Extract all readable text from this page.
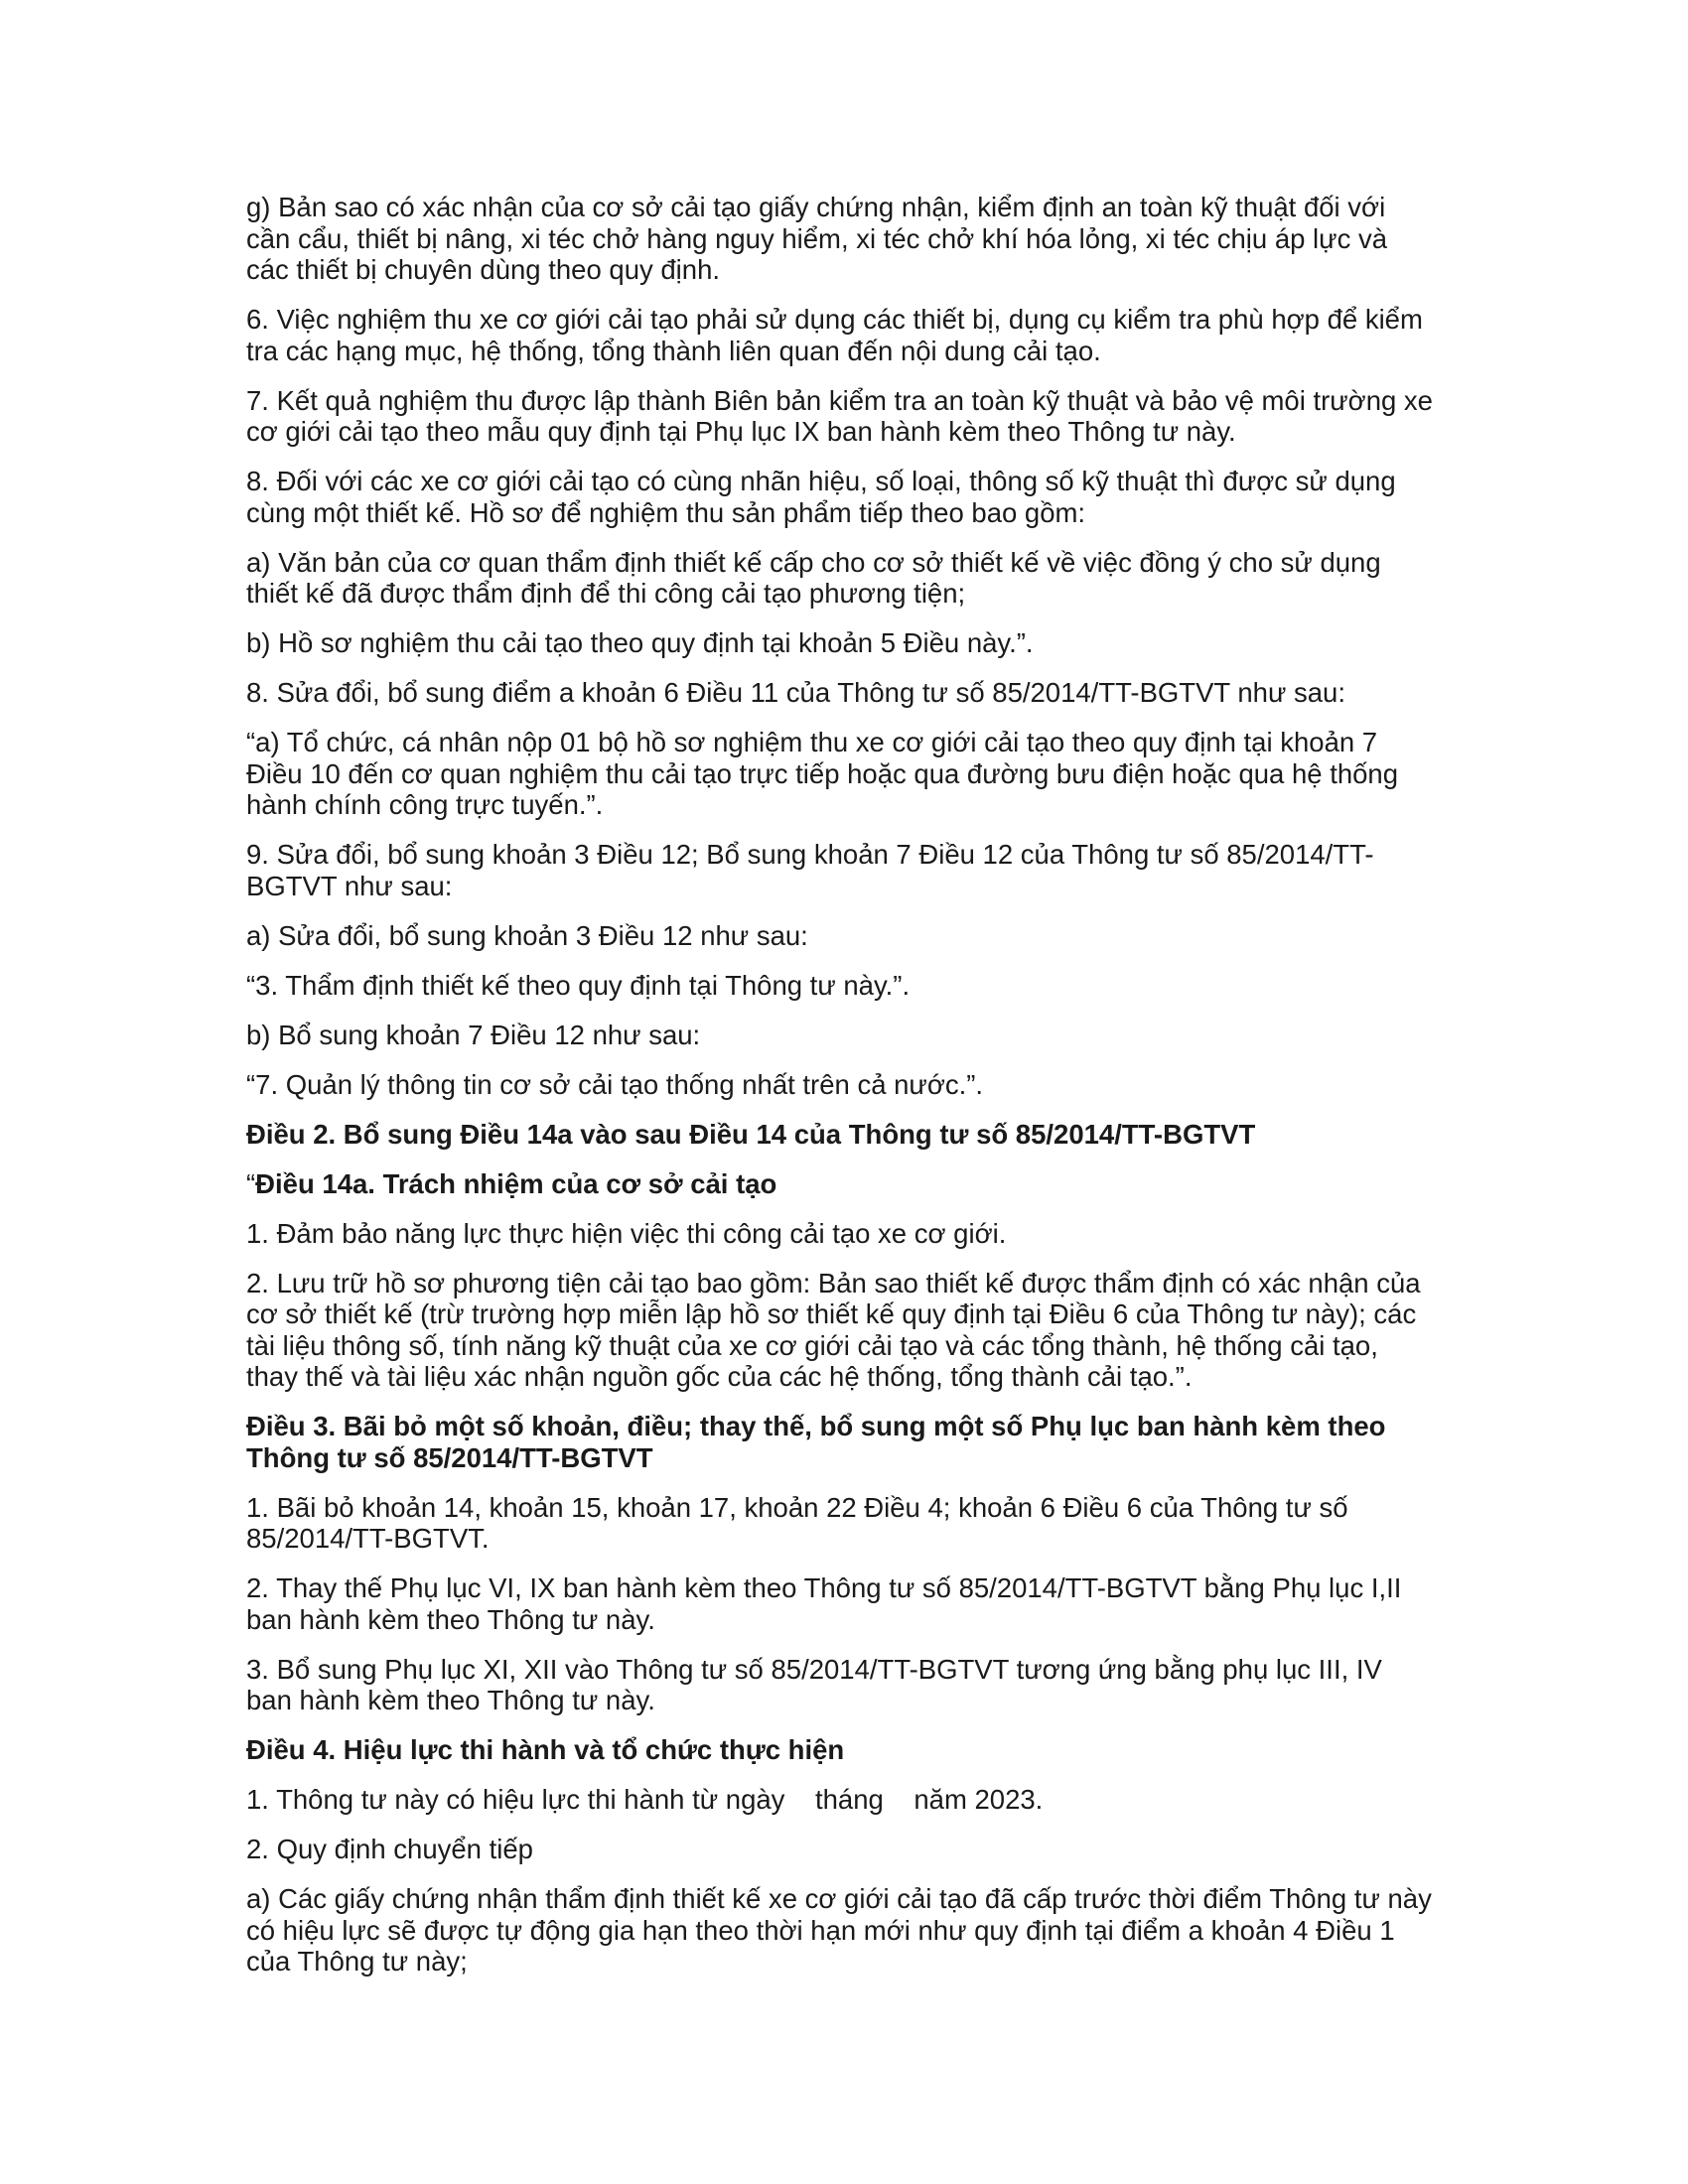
g) Bản sao có xác nhận của cơ sở cải tạo giấy chứng nhận, kiểm định an toàn kỹ thuật đối với cần cẩu, thiết bị nâng, xi téc chở hàng nguy hiểm, xi téc chở khí hóa lỏng, xi téc chịu áp lực và các thiết bị chuyên dùng theo quy định.

6. Việc nghiệm thu xe cơ giới cải tạo phải sử dụng các thiết bị, dụng cụ kiểm tra phù hợp để kiểm tra các hạng mục, hệ thống, tổng thành liên quan đến nội dung cải tạo.

7. Kết quả nghiệm thu được lập thành Biên bản kiểm tra an toàn kỹ thuật và bảo vệ môi trường xe cơ giới cải tạo theo mẫu quy định tại Phụ lục IX ban hành kèm theo Thông tư này.

8. Đối với các xe cơ giới cải tạo có cùng nhãn hiệu, số loại, thông số kỹ thuật thì được sử dụng cùng một thiết kế. Hồ sơ để nghiệm thu sản phẩm tiếp theo bao gồm:

a) Văn bản của cơ quan thẩm định thiết kế cấp cho cơ sở thiết kế về việc đồng ý cho sử dụng thiết kế đã được thẩm định để thi công cải tạo phương tiện;

b) Hồ sơ nghiệm thu cải tạo theo quy định tại khoản 5 Điều này.”.

8. Sửa đổi, bổ sung điểm a khoản 6 Điều 11 của Thông tư số 85/2014/TT-BGTVT như sau:

“a) Tổ chức, cá nhân nộp 01 bộ hồ sơ nghiệm thu xe cơ giới cải tạo theo quy định tại khoản 7 Điều 10 đến cơ quan nghiệm thu cải tạo trực tiếp hoặc qua đường bưu điện hoặc qua hệ thống hành chính công trực tuyến.”.

9. Sửa đổi, bổ sung khoản 3 Điều 12; Bổ sung khoản 7 Điều 12 của Thông tư số 85/2014/TT-BGTVT như sau:

a) Sửa đổi, bổ sung khoản 3 Điều 12 như sau:

“3. Thẩm định thiết kế theo quy định tại Thông tư này.”.

b) Bổ sung khoản 7 Điều 12 như sau:

“7. Quản lý thông tin cơ sở cải tạo thống nhất trên cả nước.”.

Điều 2. Bổ sung Điều 14a vào sau Điều 14 của Thông tư số 85/2014/TT-BGTVT

“Điều 14a. Trách nhiệm của cơ sở cải tạo

1. Đảm bảo năng lực thực hiện việc thi công cải tạo xe cơ giới.

2. Lưu trữ hồ sơ phương tiện cải tạo bao gồm: Bản sao thiết kế được thẩm định có xác nhận của cơ sở thiết kế (trừ trường hợp miễn lập hồ sơ thiết kế quy định tại Điều 6 của Thông tư này); các tài liệu thông số, tính năng kỹ thuật của xe cơ giới cải tạo và các tổng thành, hệ thống cải tạo, thay thế và tài liệu xác nhận nguồn gốc của các hệ thống, tổng thành cải tạo.”.

Điều 3. Bãi bỏ một số khoản, điều; thay thế, bổ sung một số Phụ lục ban hành kèm theo Thông tư số 85/2014/TT-BGTVT

1. Bãi bỏ khoản 14, khoản 15, khoản 17, khoản 22 Điều 4; khoản 6 Điều 6 của Thông tư số 85/2014/TT-BGTVT.

2. Thay thế Phụ lục VI, IX ban hành kèm theo Thông tư số 85/2014/TT-BGTVT bằng Phụ lục I,II ban hành kèm theo Thông tư này.

3. Bổ sung Phụ lục XI, XII vào Thông tư số 85/2014/TT-BGTVT tương ứng bằng phụ lục III, IV ban hành kèm theo Thông tư này.

Điều 4. Hiệu lực thi hành và tổ chức thực hiện

1. Thông tư này có hiệu lực thi hành từ ngày    tháng    năm 2023.

2. Quy định chuyển tiếp

a) Các giấy chứng nhận thẩm định thiết kế xe cơ giới cải tạo đã cấp trước thời điểm Thông tư này có hiệu lực sẽ được tự động gia hạn theo thời hạn mới như quy định tại điểm a khoản 4 Điều 1 của Thông tư này;
